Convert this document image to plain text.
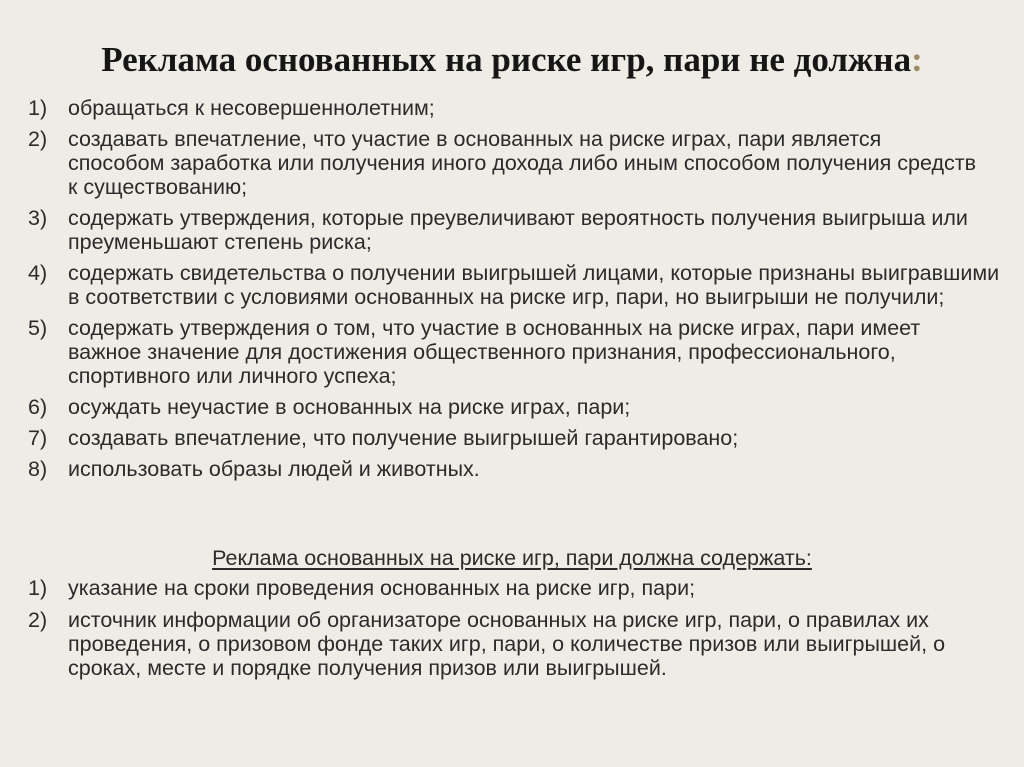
Реклама основанных на риске игр, пари не должна:
1) обращаться к несовершеннолетним;
2) создавать впечатление, что участие в основанных на риске играх, пари является способом заработка или получения иного дохода либо иным способом получения средств к существованию;
3) содержать утверждения, которые преувеличивают вероятность получения выигрыша или преуменьшают степень риска;
4) содержать свидетельства о получении выигрышей лицами, которые признаны выигравшими в соответствии с условиями основанных на риске игр, пари, но выигрыши не получили;
5) содержать утверждения о том, что участие в основанных на риске играх, пари имеет важное значение для достижения общественного признания, профессионального, спортивного или личного успеха;
6) осуждать неучастие в основанных на риске играх, пари;
7) создавать впечатление, что получение выигрышей гарантировано;
8) использовать образы людей и животных.
Реклама основанных на риске игр, пари должна содержать:
1) указание на сроки проведения основанных на риске игр, пари;
2) источник информации об организаторе основанных на риске игр, пари, о правилах их проведения, о призовом фонде таких игр, пари, о количестве призов или выигрышей, о сроках, месте и порядке получения призов или выигрышей.
